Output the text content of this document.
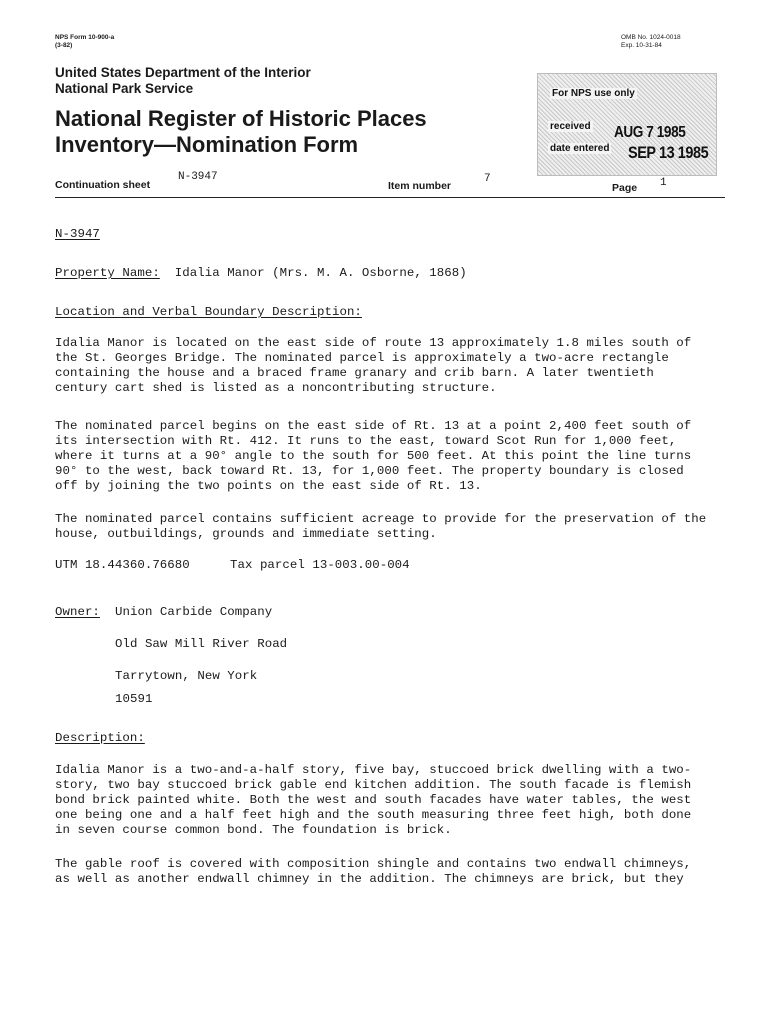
NPS Form 10-900-a
(3-82)
OMB No. 1024-0018
Exp. 10-31-84
United States Department of the Interior
National Park Service
National Register of Historic Places
Inventory—Nomination Form
For NPS use only
received AUG 7 1985
date entered SEP 13 1985
Continuation sheet
N-3947
Item number
7
Page 1
N-3947
Property Name: Idalia Manor (Mrs. M. A. Osborne, 1868)
Location and Verbal Boundary Description:
Idalia Manor is located on the east side of route 13 approximately 1.8 miles south of
the St. Georges Bridge. The nominated parcel is approximately a two-acre rectangle
containing the house and a braced frame granary and crib barn. A later twentieth
century cart shed is listed as a noncontributing structure.
The nominated parcel begins on the east side of Rt. 13 at a point 2,400 feet south of
its intersection with Rt. 412. It runs to the east, toward Scot Run for 1,000 feet,
where it turns at a 90° angle to the south for 500 feet. At this point the line turns
90° to the west, back toward Rt. 13, for 1,000 feet. The property boundary is closed
off by joining the two points on the east side of Rt. 13.
The nominated parcel contains sufficient acreage to provide for the preservation of the
house, outbuildings, grounds and immediate setting.
UTM 18.44360.76680	Tax parcel 13-003.00-004
Owner: Union Carbide Company
Old Saw Mill River Road
Tarrytown, New York
10591
Description:
Idalia Manor is a two-and-a-half story, five bay, stuccoed brick dwelling with a two-
story, two bay stuccoed brick gable end kitchen addition. The south facade is flemish
bond brick painted white. Both the west and south facades have water tables, the west
one being one and a half feet high and the south measuring three feet high, both done
in seven course common bond. The foundation is brick.
The gable roof is covered with composition shingle and contains two endwall chimneys,
as well as another endwall chimney in the addition. The chimneys are brick, but they
